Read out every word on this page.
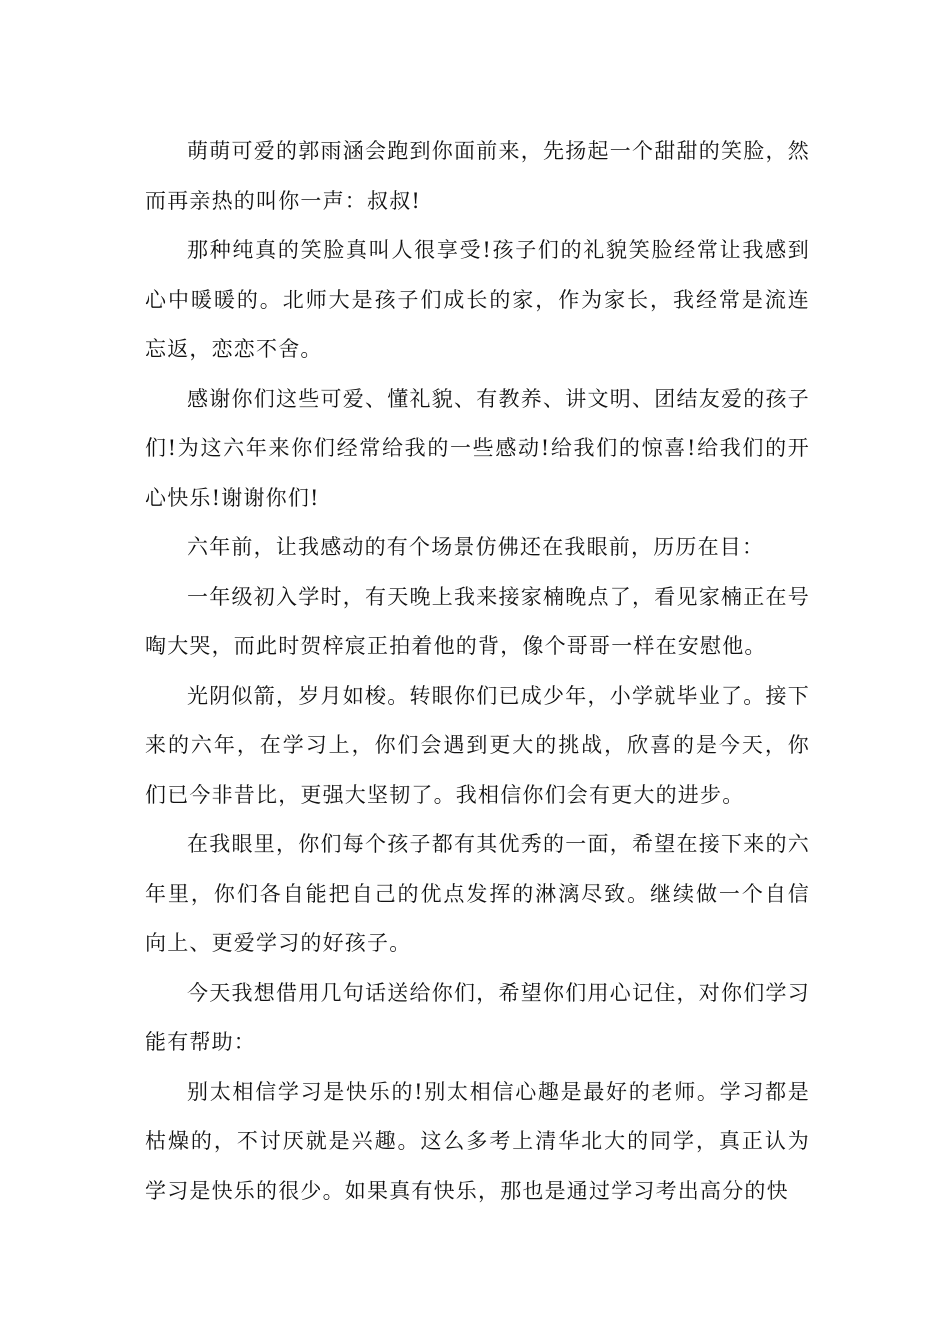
萌萌可爱的郭雨涵会跑到你面前来，先扬起一个甜甜的笑脸，然而再亲热的叫你一声：叔叔!

那种纯真的笑脸真叫人很享受!孩子们的礼貌笑脸经常让我感到心中暖暖的。北师大是孩子们成长的家，作为家长，我经常是流连忘返，恋恋不舍。

感谢你们这些可爱、懂礼貌、有教养、讲文明、团结友爱的孩子们!为这六年来你们经常给我的一些感动!给我们的惊喜!给我们的开心快乐!谢谢你们!

六年前，让我感动的有个场景仿佛还在我眼前，历历在目：

一年级初入学时，有天晚上我来接家楠晚点了，看见家楠正在号啕大哭，而此时贺梓宸正拍着他的背，像个哥哥一样在安慰他。

光阴似箭，岁月如梭。转眼你们已成少年，小学就毕业了。接下来的六年，在学习上，你们会遇到更大的挑战，欣喜的是今天，你们已今非昔比，更强大坚韧了。我相信你们会有更大的进步。

在我眼里，你们每个孩子都有其优秀的一面，希望在接下来的六年里，你们各自能把自己的优点发挥的淋漓尽致。继续做一个自信向上、更爱学习的好孩子。

今天我想借用几句话送给你们，希望你们用心记住，对你们学习能有帮助：

别太相信学习是快乐的!别太相信心趣是最好的老师。学习都是枯燥的，不讨厌就是兴趣。这么多考上清华北大的同学，真正认为学习是快乐的很少。如果真有快乐，那也是通过学习考出高分的快
